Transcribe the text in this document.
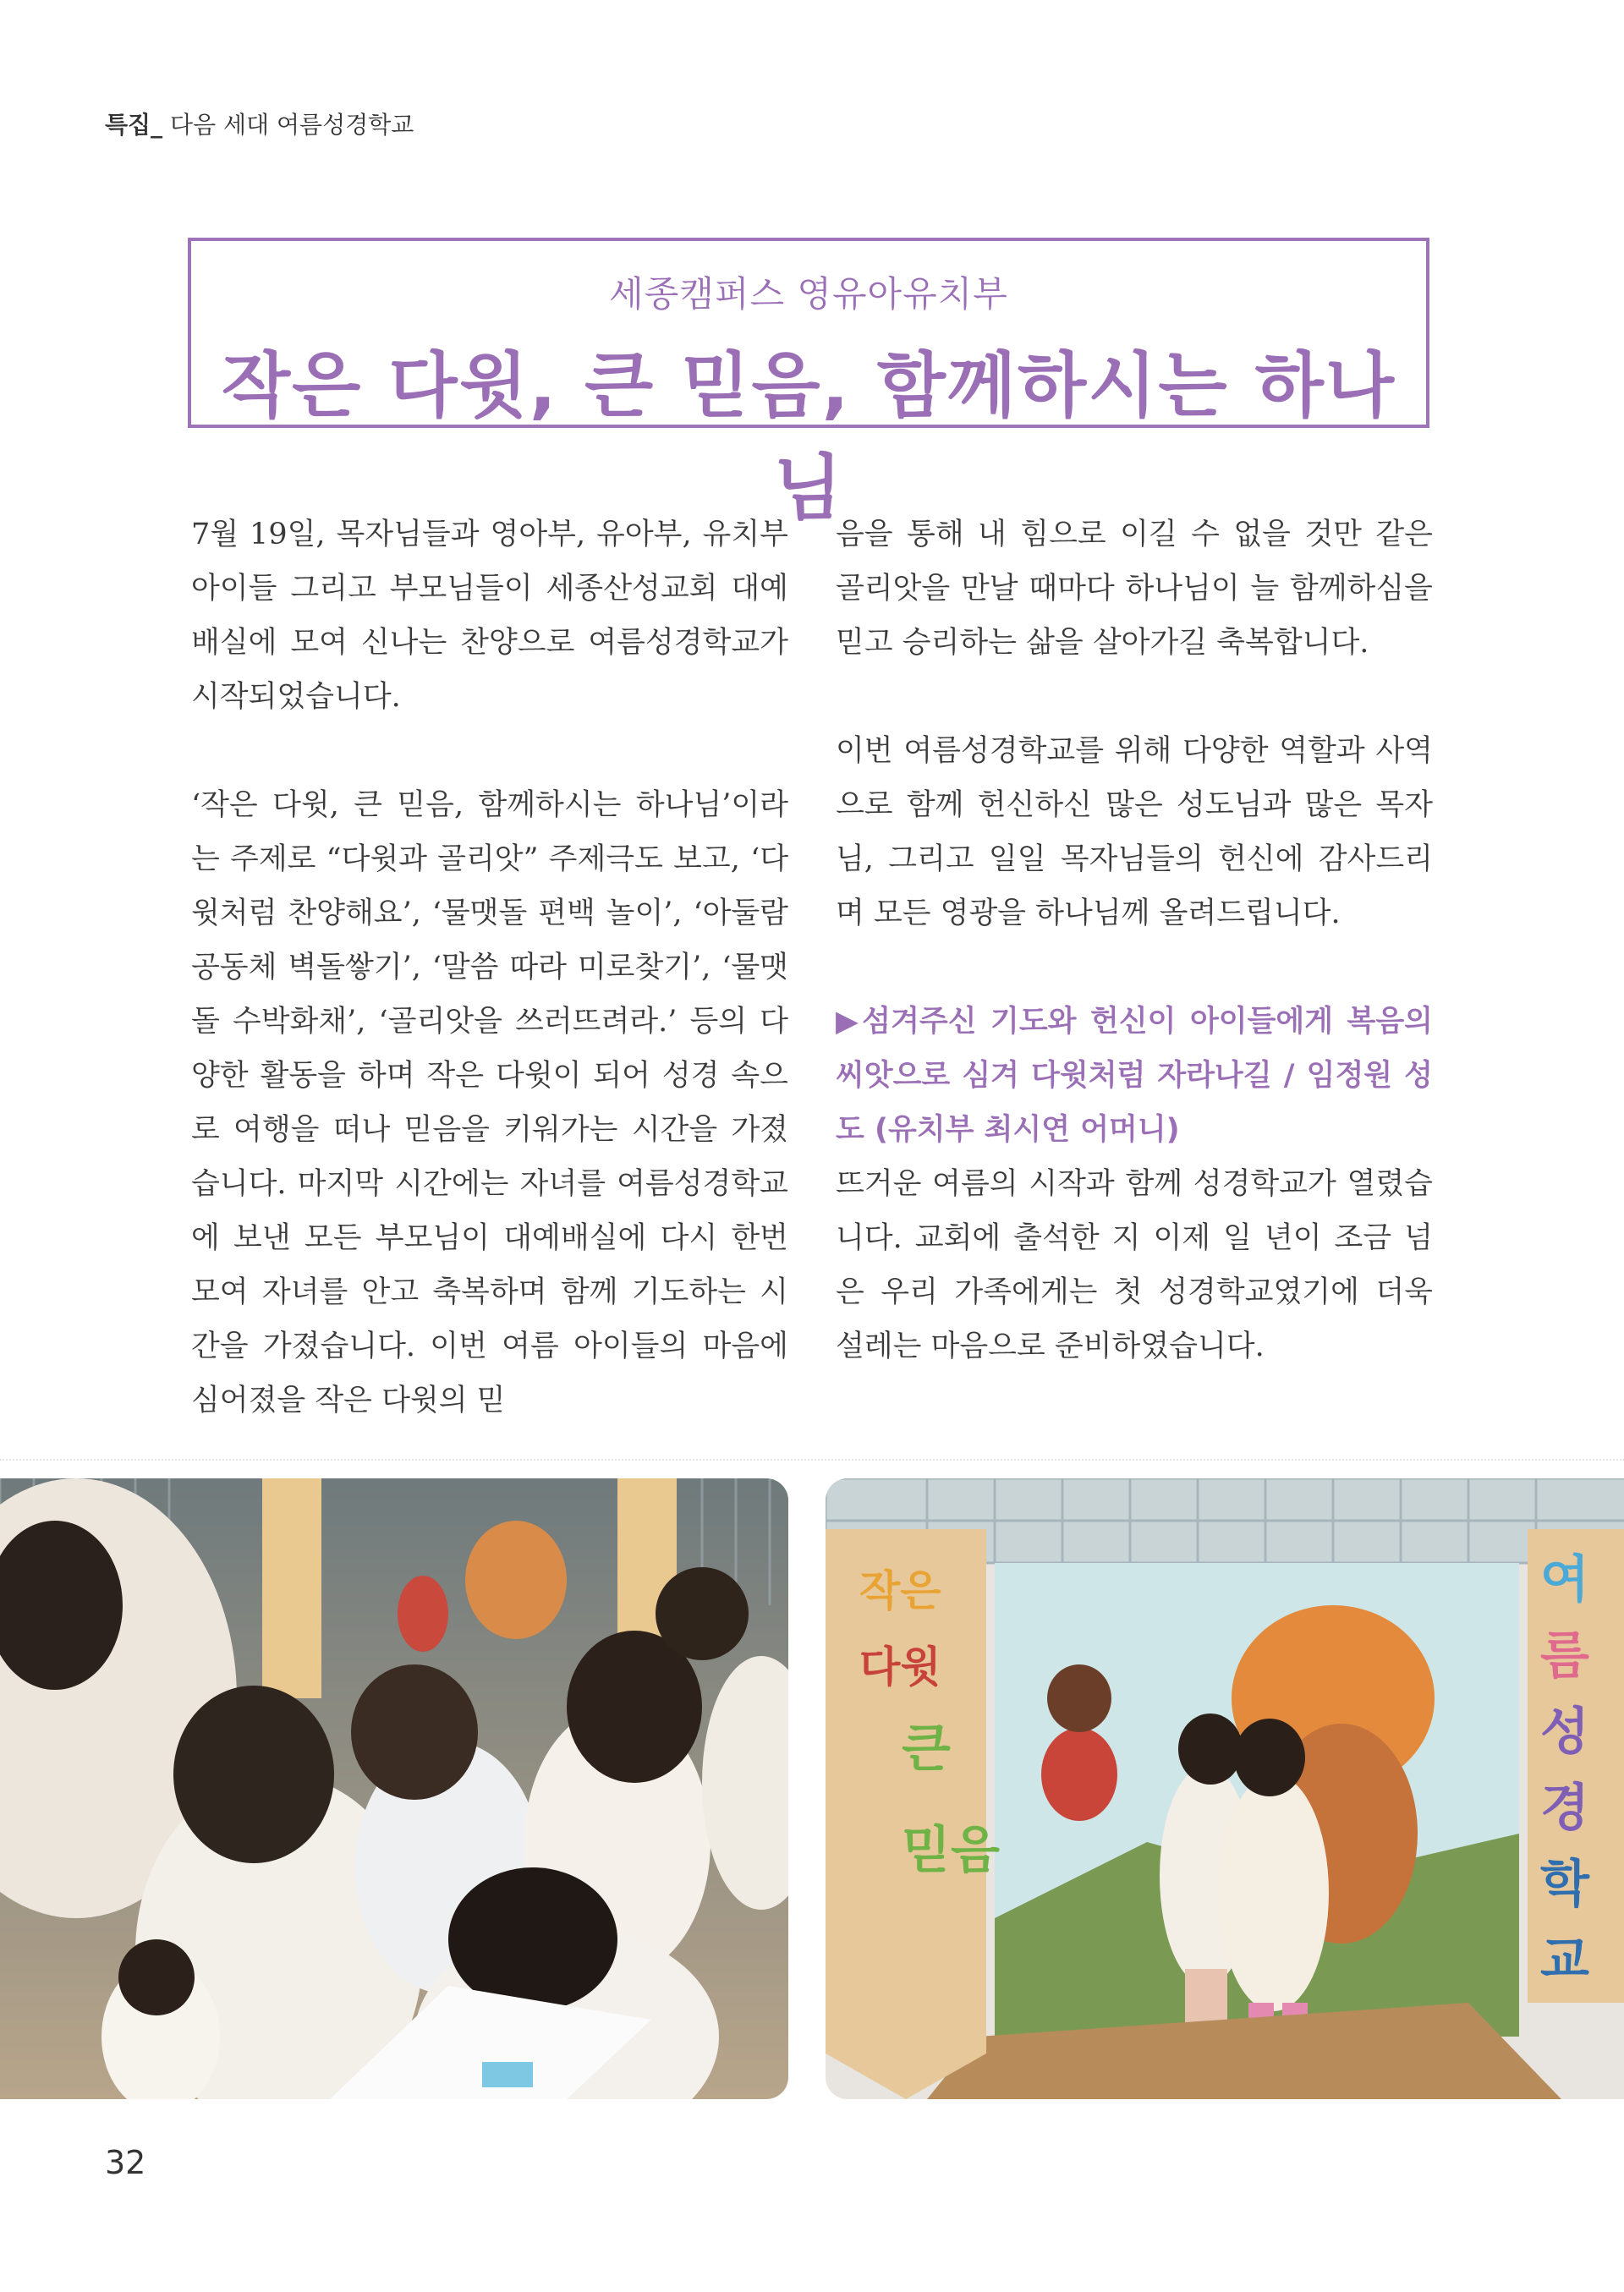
특집_ 다음 세대 여름성경학교
세종캠퍼스 영유아유치부
작은 다윗, 큰 믿음, 함께하시는 하나님

7월 19일, 목자님들과 영아부, 유아부, 유치부 아이들 그리고 부모님들이 세종산성교회 대예배실에 모여 신나는 찬양으로 여름성경학교가 시작되었습니다.

‘작은 다윗, 큰 믿음, 함께하시는 하나님’이라는 주제로 “다윗과 골리앗” 주제극도 보고, ‘다윗처럼 찬양해요’, ‘물맷돌 편백 놀이’, ‘아둘람공동체 벽돌쌓기’, ‘말씀 따라 미로찾기’, ‘물맷돌 수박화채’, ‘골리앗을 쓰러뜨려라.’ 등의 다양한 활동을 하며 작은 다윗이 되어 성경 속으로 여행을 떠나 믿음을 키워가는 시간을 가졌습니다. 마지막 시간에는 자녀를 여름성경학교에 보낸 모든 부모님이 대예배실에 다시 한번 모여 자녀를 안고 축복하며 함께 기도하는 시간을 가졌습니다. 이번 여름 아이들의 마음에 심어졌을 작은 다윗의 믿

음을 통해 내 힘으로 이길 수 없을 것만 같은 골리앗을 만날 때마다 하나님이 늘 함께하심을 믿고 승리하는 삶을 살아가길 축복합니다.

이번 여름성경학교를 위해 다양한 역할과 사역으로 함께 헌신하신 많은 성도님과 많은 목자님, 그리고 일일 목자님들의 헌신에 감사드리며 모든 영광을 하나님께 올려드립니다.

▶섬겨주신 기도와 헌신이 아이들에게 복음의 씨앗으로 심겨 다윗처럼 자라나길 / 임정원 성도 (유치부 최시연 어머니)

뜨거운 여름의 시작과 함께 성경학교가 열렸습니다. 교회에 출석한 지 이제 일 년이 조금 넘은 우리 가족에게는 첫 성경학교였기에 더욱 설레는 마음으로 준비하였습니다.

작은
다윗
큰
믿음
여
름
성
경
학
교
32
